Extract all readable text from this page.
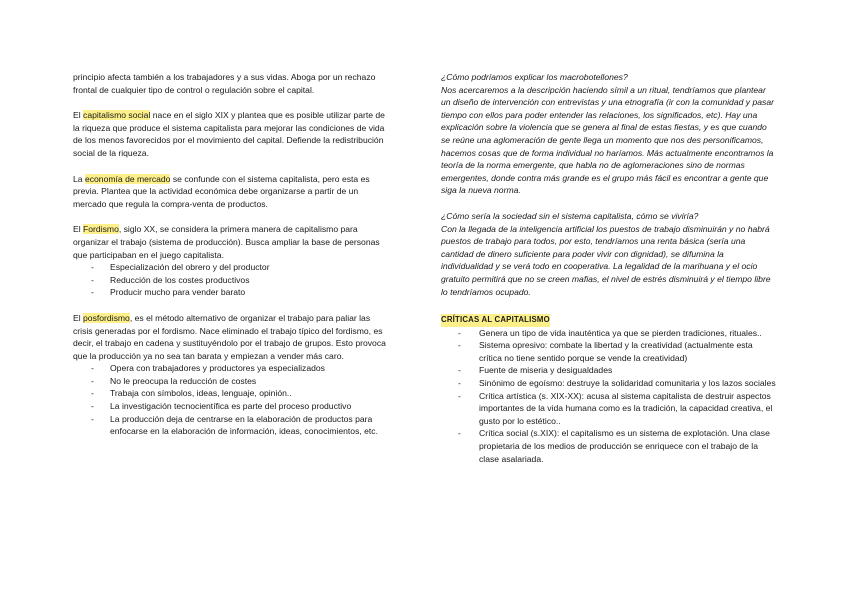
principio afecta también a los trabajadores y a sus vidas. Aboga por un rechazo frontal de cualquier tipo de control o regulación sobre el capital.

El capitalismo social nace en el siglo XIX y plantea que es posible utilizar parte de la riqueza que produce el sistema capitalista para mejorar las condiciones de vida de los menos favorecidos por el movimiento del capital. Defiende la redistribución social de la riqueza.

La economía de mercado se confunde con el sistema capitalista, pero esta es previa. Plantea que la actividad económica debe organizarse a partir de un mercado que regula la compra-venta de productos.

El Fordismo, siglo XX, se considera la primera manera de capitalismo para organizar el trabajo (sistema de producción). Busca ampliar la base de personas que participaban en el juego capitalista.

- Especialización del obrero y del productor
- Reducción de los costes productivos
- Producir mucho para vender barato

El posfordismo, es el método alternativo de organizar el trabajo para paliar las crisis generadas por el fordismo. Nace eliminado el trabajo típico del fordismo, es decir, el trabajo en cadena y sustituyéndolo por el trabajo de grupos. Esto provoca que la producción ya no sea tan barata y empiezan a vender más caro.

- Opera con trabajadores y productores ya especializados
- No le preocupa la reducción de costes
- Trabaja con símbolos, ideas, lenguaje, opinión..
- La investigación tecnocientífica es parte del proceso productivo
- La producción deja de centrarse en la elaboración de productos para enfocarse en la elaboración de información, ideas, conocimientos, etc.

¿Cómo podríamos explicar los macrobotellones?

Nos acercaremos a la descripción haciendo símil a un ritual, tendríamos que plantear un diseño de intervención con entrevistas y una etnografía (ir con la comunidad y pasar tiempo con ellos para poder entender las relaciones, los significados, etc). Hay una explicación sobre la violencia que se genera al final de estas fiestas, y es que cuando se reúne una aglomeración de gente llega un momento que nos des personificamos, hacemos cosas que de forma individual no haríamos. Más actualmente encontramos la teoría de la norma emergente, que habla no de aglomeraciones sino de normas emergentes, donde contra más grande es el grupo más fácil es encontrar a gente que siga la nueva norma.

¿Cómo sería la sociedad sin el sistema capitalista, cómo se viviría?

Con la llegada de la inteligencia artificial los puestos de trabajo disminuirán y no habrá puestos de trabajo para todos, por esto, tendríamos una renta básica (sería una cantidad de dinero suficiente para poder vivir con dignidad), se difumina la individualidad y se verá todo en cooperativa. La legalidad de la marihuana y el ocio gratuito permitirá que no se creen mafias, el nivel de estrés disminuirá y el tiempo libre lo tendríamos ocupado.

CRÍTICAS AL CAPITALISMO
- Genera un tipo de vida inauténtica ya que se pierden tradiciones, rituales..
- Sistema opresivo: combate la libertad y la creatividad (actualmente esta crítica no tiene sentido porque se vende la creatividad)
- Fuente de miseria y desigualdades
- Sinónimo de egoísmo: destruye la solidaridad comunitaria y los lazos sociales
- Crítica artística (s. XIX-XX): acusa al sistema capitalista de destruir aspectos importantes de la vida humana como es la tradición, la capacidad creativa, el gusto por lo estético..
- Crítica social (s.XIX): el capitalismo es un sistema de explotación. Una clase propietaria de los medios de producción se enriquece con el trabajo de la clase asalariada.
